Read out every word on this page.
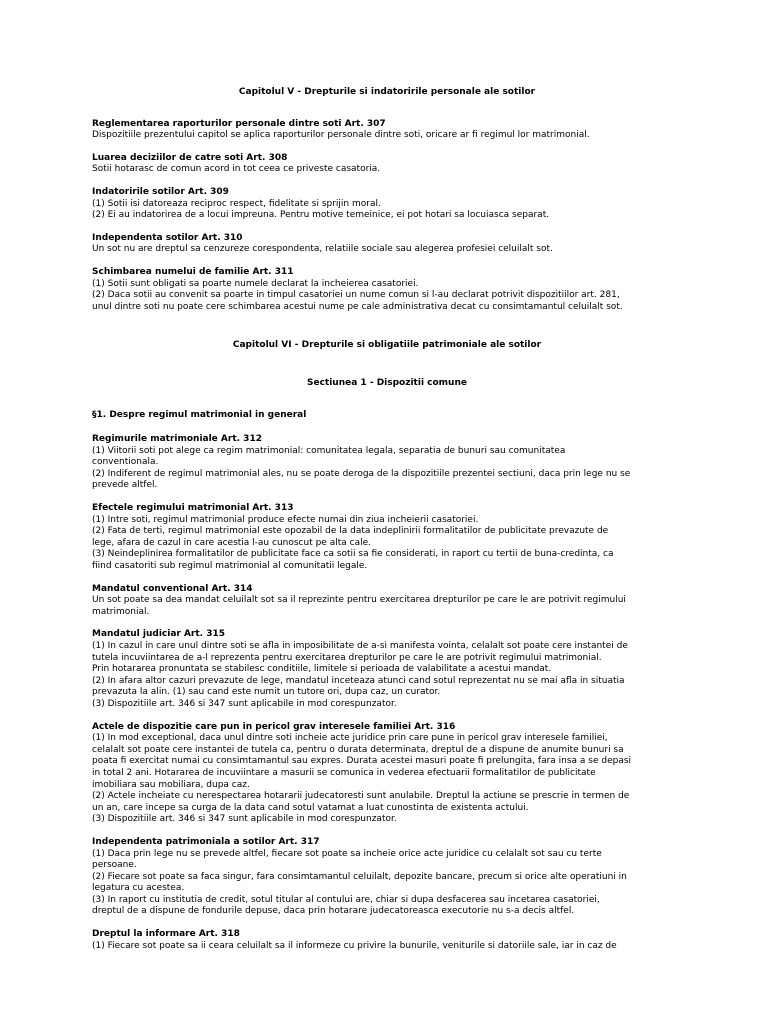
Capitolul V - Drepturile si indatoririle personale ale sotilor
Reglementarea raporturilor personale dintre soti Art. 307
Dispozitiile prezentului capitol se aplica raporturilor personale dintre soti, oricare ar fi regimul lor matrimonial.
Luarea deciziilor de catre soti Art. 308
Sotii hotarasc de comun acord in tot ceea ce priveste casatoria.
Indatoririle sotilor Art. 309
(1) Sotii isi datoreaza reciproc respect, fidelitate si sprijin moral.
(2) Ei au indatorirea de a locui impreuna. Pentru motive temeinice, ei pot hotari sa locuiasca separat.
Independenta sotilor Art. 310
Un sot nu are dreptul sa cenzureze corespondenta, relatiile sociale sau alegerea profesiei celuilalt sot.
Schimbarea numelui de familie Art. 311
(1) Sotii sunt obligati sa poarte numele declarat la incheierea casatoriei.
(2) Daca sotii au convenit sa poarte in timpul casatoriei un nume comun si l-au declarat potrivit dispozitiilor art. 281,
unul dintre soti nu poate cere schimbarea acestui nume pe cale administrativa decat cu consimtamantul celuilalt sot.
Capitolul VI - Drepturile si obligatiile patrimoniale ale sotilor
Sectiunea 1 - Dispozitii comune
§1. Despre regimul matrimonial in general
Regimurile matrimoniale Art. 312
(1) Viitorii soti pot alege ca regim matrimonial: comunitatea legala, separatia de bunuri sau comunitatea
conventionala.
(2) Indiferent de regimul matrimonial ales, nu se poate deroga de la dispozitiile prezentei sectiuni, daca prin lege nu se
prevede altfel.
Efectele regimului matrimonial Art. 313
(1) Intre soti, regimul matrimonial produce efecte numai din ziua incheierii casatoriei.
(2) Fata de terti, regimul matrimonial este opozabil de la data indeplinirii formalitatilor de publicitate prevazute de
lege, afara de cazul in care acestia l-au cunoscut pe alta cale.
(3) Neindeplinirea formalitatilor de publicitate face ca sotii sa fie considerati, in raport cu tertii de buna-credinta, ca
fiind casatoriti sub regimul matrimonial al comunitatii legale.
Mandatul conventional Art. 314
Un sot poate sa dea mandat celuilalt sot sa il reprezinte pentru exercitarea drepturilor pe care le are potrivit regimului
matrimonial.
Mandatul judiciar Art. 315
(1) In cazul in care unul dintre soti se afla in imposibilitate de a-si manifesta vointa, celalalt sot poate cere instantei de
tutela incuviintarea de a-l reprezenta pentru exercitarea drepturilor pe care le are potrivit regimului matrimonial.
Prin hotararea pronuntata se stabilesc conditiile, limitele si perioada de valabilitate a acestui mandat.
(2) In afara altor cazuri prevazute de lege, mandatul inceteaza atunci cand sotul reprezentat nu se mai afla in situatia
prevazuta la alin. (1) sau cand este numit un tutore ori, dupa caz, un curator.
(3) Dispozitiile art. 346 si 347 sunt aplicabile in mod corespunzator.
Actele de dispozitie care pun in pericol grav interesele familiei Art. 316
(1) In mod exceptional, daca unul dintre soti incheie acte juridice prin care pune in pericol grav interesele familiei,
celalalt sot poate cere instantei de tutela ca, pentru o durata determinata, dreptul de a dispune de anumite bunuri sa
poata fi exercitat numai cu consimtamantul sau expres. Durata acestei masuri poate fi prelungita, fara insa a se depasi
in total 2 ani. Hotararea de incuviintare a masurii se comunica in vederea efectuarii formalitatilor de publicitate
imobiliara sau mobiliara, dupa caz.
(2) Actele incheiate cu nerespectarea hotararii judecatoresti sunt anulabile. Dreptul la actiune se prescrie in termen de
un an, care incepe sa curga de la data cand sotul vatamat a luat cunostinta de existenta actului.
(3) Dispozitiile art. 346 si 347 sunt aplicabile in mod corespunzator.
Independenta patrimoniala a sotilor Art. 317
(1) Daca prin lege nu se prevede altfel, fiecare sot poate sa incheie orice acte juridice cu celalalt sot sau cu terte
persoane.
(2) Fiecare sot poate sa faca singur, fara consimtamantul celuilalt, depozite bancare, precum si orice alte operatiuni in
legatura cu acestea.
(3) In raport cu institutia de credit, sotul titular al contului are, chiar si dupa desfacerea sau incetarea casatoriei,
dreptul de a dispune de fondurile depuse, daca prin hotarare judecatoreasca executorie nu s-a decis altfel.
Dreptul la informare Art. 318
(1) Fiecare sot poate sa ii ceara celuilalt sa il informeze cu privire la bunurile, veniturile si datoriile sale, iar in caz de
